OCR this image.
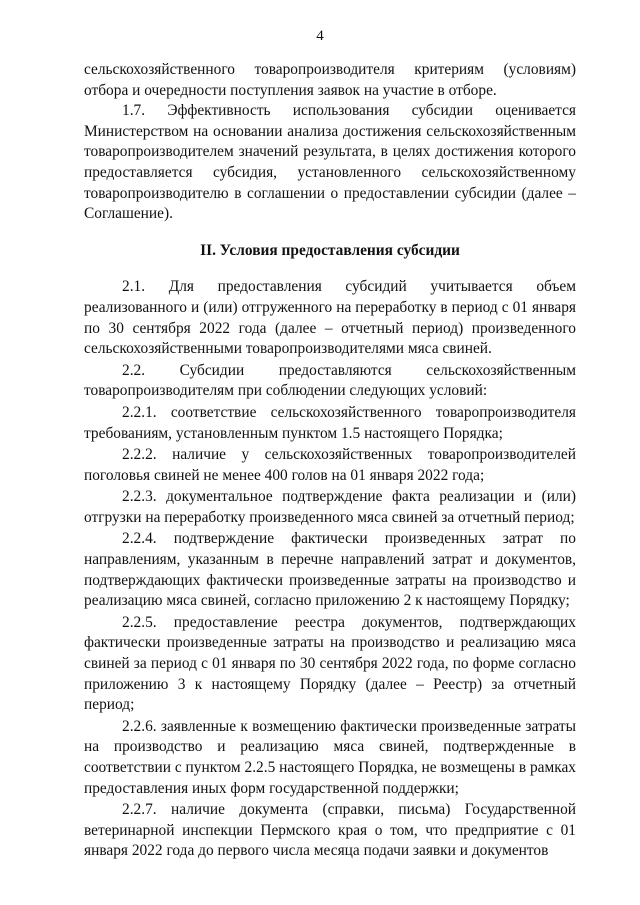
4

сельскохозяйственного товаропроизводителя критериям (условиям) отбора и очередности поступления заявок на участие в отборе.

1.7. Эффективность использования субсидии оценивается Министерством на основании анализа достижения сельскохозяйственным товаропроизводителем значений результата, в целях достижения которого предоставляется субсидия, установленного сельскохозяйственному товаропроизводителю в соглашении о предоставлении субсидии (далее – Соглашение).

II. Условия предоставления субсидии

2.1. Для предоставления субсидий учитывается объем реализованного и (или) отгруженного на переработку в период с 01 января по 30 сентября 2022 года (далее – отчетный период) произведенного сельскохозяйственными товаропроизводителями мяса свиней.

2.2. Субсидии предоставляются сельскохозяйственным товаропроизводителям при соблюдении следующих условий:

2.2.1. соответствие сельскохозяйственного товаропроизводителя требованиям, установленным пунктом 1.5 настоящего Порядка;

2.2.2. наличие у сельскохозяйственных товаропроизводителей поголовья свиней не менее 400 голов на 01 января 2022 года;

2.2.3. документальное подтверждение факта реализации и (или) отгрузки на переработку произведенного мяса свиней за отчетный период;

2.2.4. подтверждение фактически произведенных затрат по направлениям, указанным в перечне направлений затрат и документов, подтверждающих фактически произведенные затраты на производство и реализацию мяса свиней, согласно приложению 2 к настоящему Порядку;

2.2.5. предоставление реестра документов, подтверждающих фактически произведенные затраты на производство и реализацию мяса свиней за период с 01 января по 30 сентября 2022 года, по форме согласно приложению 3 к настоящему Порядку (далее – Реестр) за отчетный период;

2.2.6. заявленные к возмещению фактически произведенные затраты на производство и реализацию мяса свиней, подтвержденные в соответствии с пунктом 2.2.5 настоящего Порядка, не возмещены в рамках предоставления иных форм государственной поддержки;

2.2.7. наличие документа (справки, письма) Государственной ветеринарной инспекции Пермского края о том, что предприятие с 01 января 2022 года до первого числа месяца подачи заявки и документов
